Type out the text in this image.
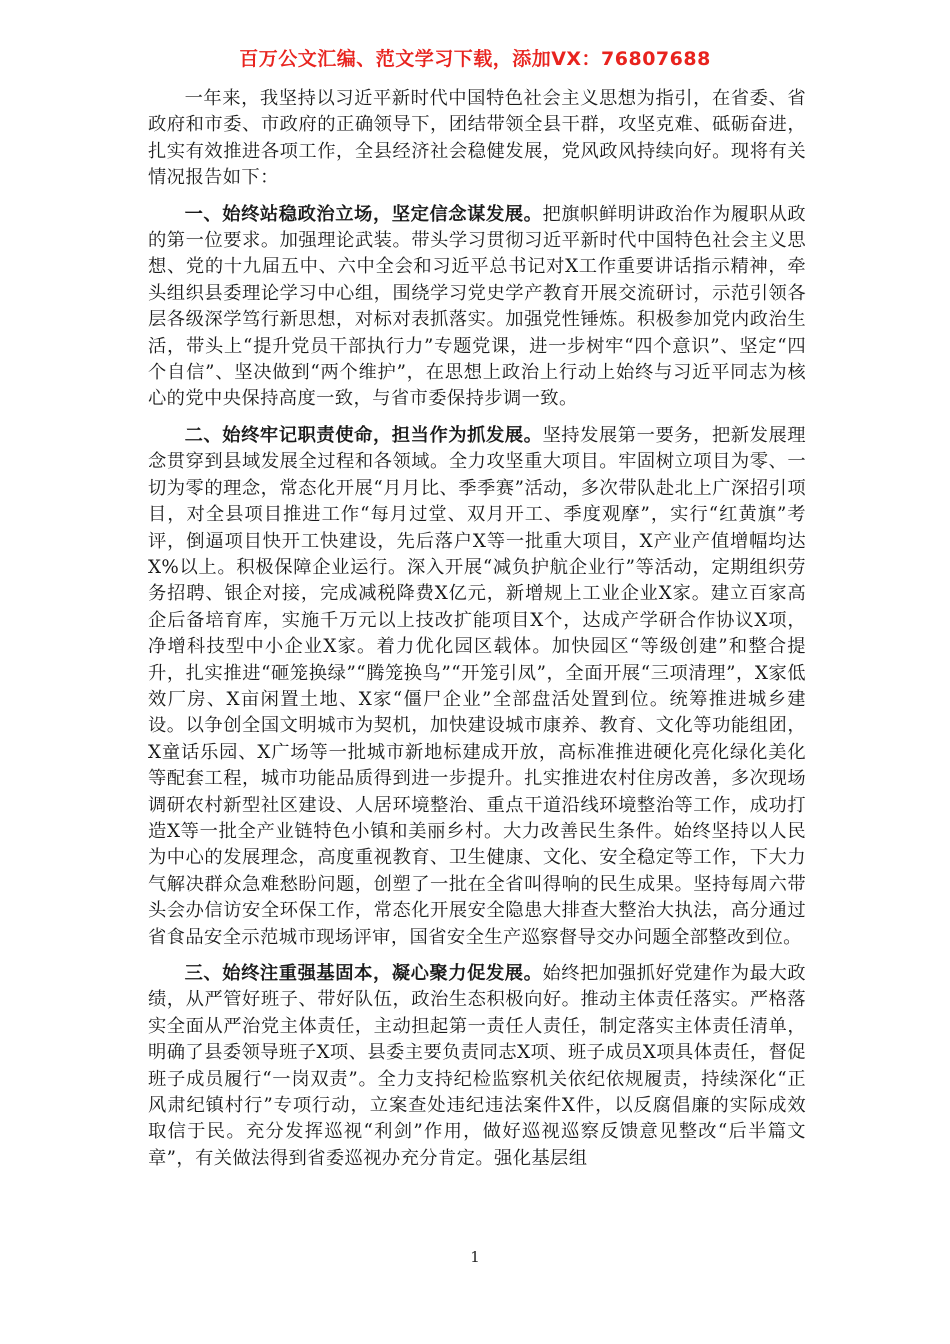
百万公文汇编、范文学习下载，添加VX：76807688

一年来，我坚持以习近平新时代中国特色社会主义思想为指引，在省委、省政府和市委、市政府的正确领导下，团结带领全县干群，攻坚克难、砥砺奋进，扎实有效推进各项工作，全县经济社会稳健发展，党风政风持续向好。现将有关情况报告如下：

一、始终站稳政治立场，坚定信念谋发展。把旗帜鲜明讲政治作为履职从政的第一位要求。加强理论武装。带头学习贯彻习近平新时代中国特色社会主义思想、党的十九届五中、六中全会和习近平总书记对X工作重要讲话指示精神，牵头组织县委理论学习中心组，围绕学习党史学产教育开展交流研讨，示范引领各层各级深学笃行新思想，对标对表抓落实。加强党性锤炼。积极参加党内政治生活，带头上“提升党员干部执行力”专题党课，进一步树牢“四个意识”、坚定“四个自信”、坚决做到“两个维护”，在思想上政治上行动上始终与习近平同志为核心的党中央保持高度一致，与省市委保持步调一致。

二、始终牢记职责使命，担当作为抓发展。坚持发展第一要务，把新发展理念贯穿到县域发展全过程和各领域。全力攻坚重大项目。牢固树立项目为零、一切为零的理念，常态化开展“月月比、季季赛”活动，多次带队赴北上广深招引项目，对全县项目推进工作“每月过堂、双月开工、季度观摩”，实行“红黄旗”考评，倒逼项目快开工快建设，先后落户X等一批重大项目，X产业产值增幅均达X%以上。积极保障企业运行。深入开展“减负护航企业行”等活动，定期组织劳务招聘、银企对接，完成减税降费X亿元，新增规上工业企业X家。建立百家高企后备培育库，实施千万元以上技改扩能项目X个，达成产学研合作协议X项，净增科技型中小企业X家。着力优化园区载体。加快园区“等级创建”和整合提升，扎实推进“砸笼换绿”“腾笼换鸟”“开笼引凤”，全面开展“三项清理”，X家低效厂房、X亩闲置土地、X家“僵尸企业”全部盘活处置到位。统筹推进城乡建设。以争创全国文明城市为契机，加快建设城市康养、教育、文化等功能组团，X童话乐园、X广场等一批城市新地标建成开放，高标准推进硬化亮化绿化美化等配套工程，城市功能品质得到进一步提升。扎实推进农村住房改善，多次现场调研农村新型社区建设、人居环境整治、重点干道沿线环境整治等工作，成功打造X等一批全产业链特色小镇和美丽乡村。大力改善民生条件。始终坚持以人民为中心的发展理念，高度重视教育、卫生健康、文化、安全稳定等工作，下大力气解决群众急难愁盼问题，创塑了一批在全省叫得响的民生成果。坚持每周六带头会办信访安全环保工作，常态化开展安全隐患大排查大整治大执法，高分通过省食品安全示范城市现场评审，国省安全生产巡察督导交办问题全部整改到位。

三、始终注重强基固本，凝心聚力促发展。始终把加强抓好党建作为最大政绩，从严管好班子、带好队伍，政治生态积极向好。推动主体责任落实。严格落实全面从严治党主体责任，主动担起第一责任人责任，制定落实主体责任清单，明确了县委领导班子X项、县委主要负责同志X项、班子成员X项具体责任，督促班子成员履行“一岗双责”。全力支持纪检监察机关依纪依规履责，持续深化“正风肃纪镇村行”专项行动，立案查处违纪违法案件X件，以反腐倡廉的实际成效取信于民。充分发挥巡视“利剑”作用，做好巡视巡察反馈意见整改“后半篇文章”，有关做法得到省委巡视办充分肯定。强化基层组

1
